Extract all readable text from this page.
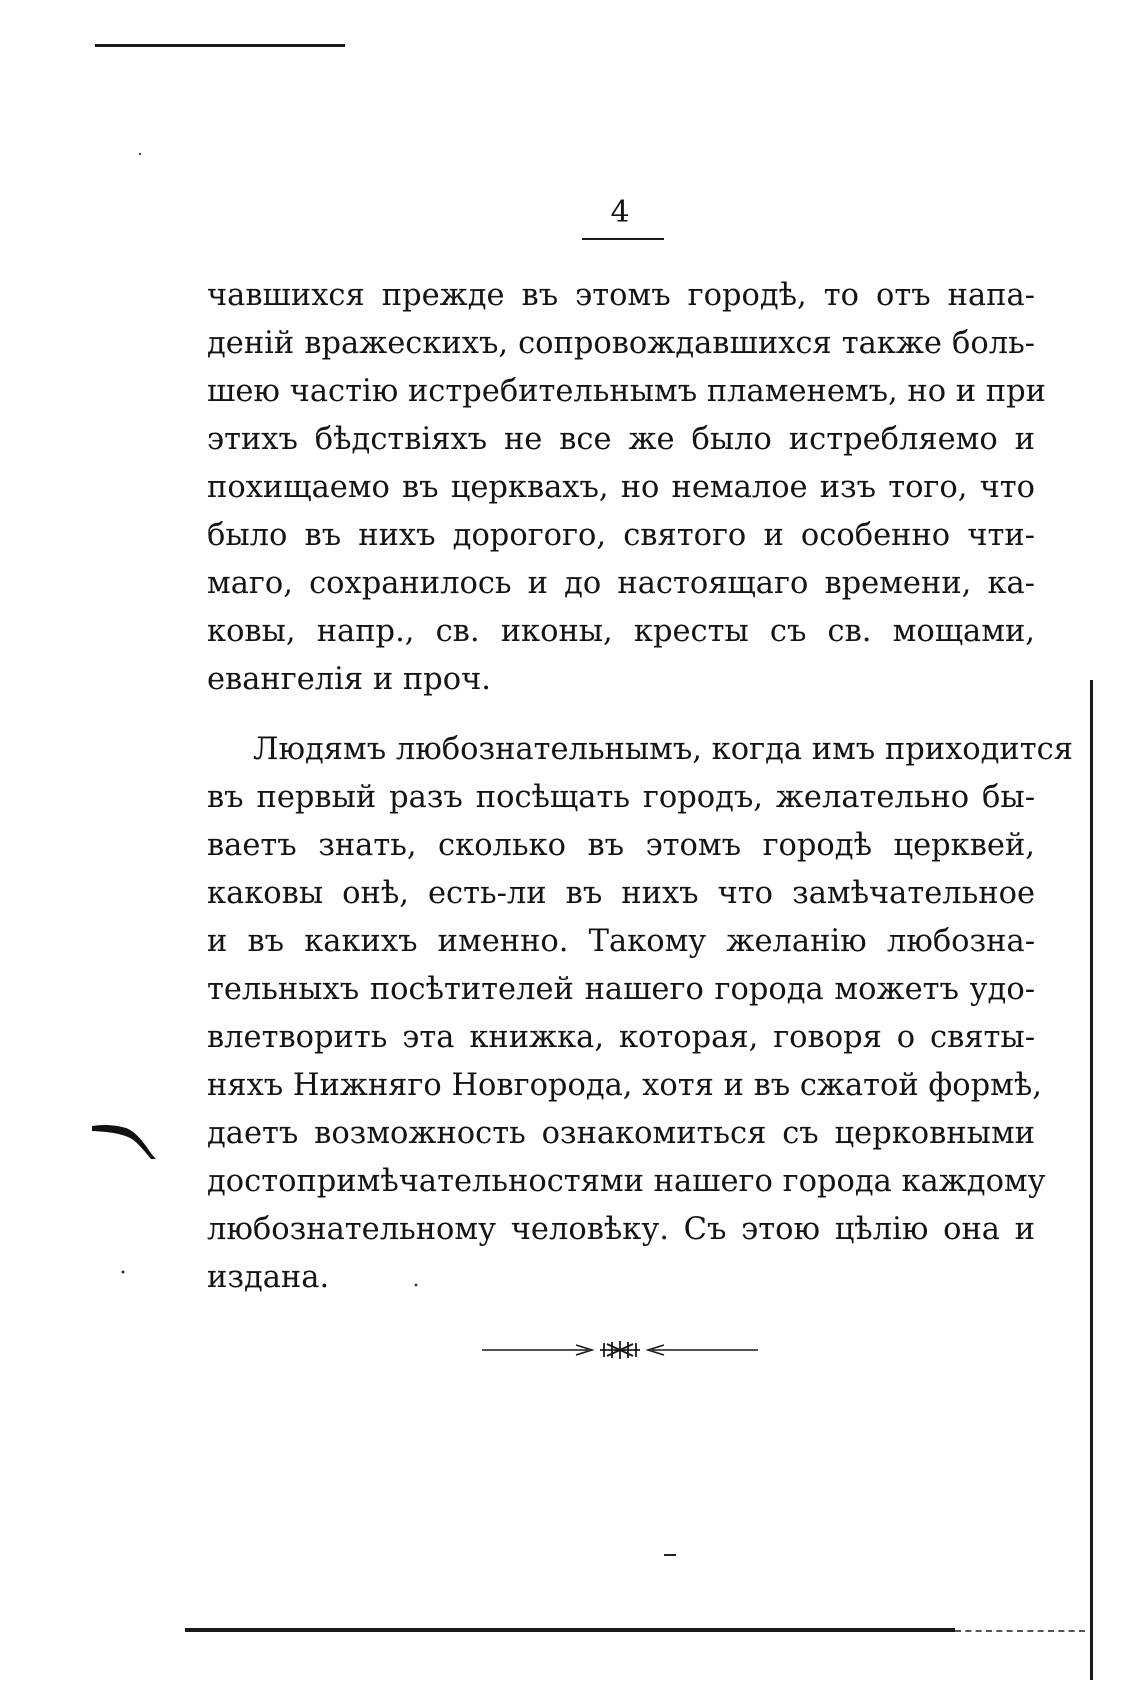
4
чавшихся прежде въ этомъ городѣ, то отъ напа-
деній вражескихъ, сопровождавшихся также боль-
шею частію истребительнымъ пламенемъ, но и при
этихъ бѣдствіяхъ не все же было истребляемо и
похищаемо въ церквахъ, но немалое изъ того, что
было въ нихъ дорогого, святого и особенно чти-
маго, сохранилось и до настоящаго времени, ка-
ковы, напр., св. иконы, кресты съ св. мощами,
евангелія и проч.
Людямъ любознательнымъ, когда имъ приходится
въ первый разъ посѣщать городъ, желательно бы-
ваетъ знать, сколько въ этомъ городѣ церквей,
каковы онѣ, есть-ли въ нихъ что замѣчательное
и въ какихъ именно. Такому желанію любозна-
тельныхъ посѣтителей нашего города можетъ удо-
влетворить эта книжка, которая, говоря о святы-
няхъ Нижняго Новгорода, хотя и въ сжатой формѣ,
даетъ возможность ознакомиться съ церковными
достопримѣчательностями нашего города каждому
любознательному человѣку. Съ этою цѣлію она и
издана.
